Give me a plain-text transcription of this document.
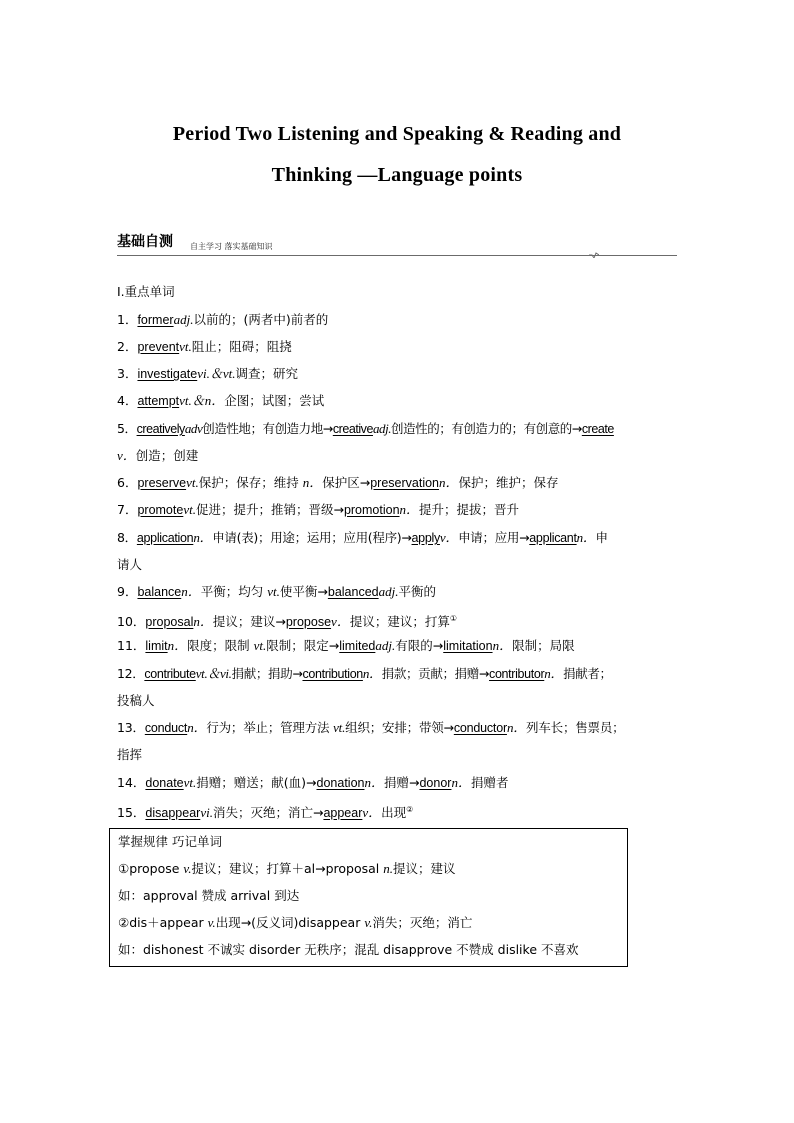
Period Two Listening and Speaking & Reading and
Thinking —Language points
基础自测 自主学习 落实基础知识
Ⅰ.重点单词
1．formeradj.以前的；(两者中)前者的
2．preventvt.阻止；阻碍；阻挠
3．investigatevi.＆vt.调查；研究
4．attemptvt.＆n．企图；试图；尝试
5．creativelyadv创造性地；有创造力地→creativeadj.创造性的；有创造力的；有创意的→create
v．创造；创建
6．preservevt.保护；保存；维持 n．保护区→preservationn．保护；维护；保存
7．promotevt.促进；提升；推销；晋级→promotionn．提升；提拔；晋升
8．applicationn．申请(表)；用途；运用；应用(程序)→applyv．申请；应用→applicantn．申
请人
9．balancen．平衡；均匀 vt.使平衡→balancedadj.平衡的
10．proposaln．提议；建议→proposev．提议；建议；打算①
11．limitn．限度；限制 vt.限制；限定→limitedadj.有限的→limitationn．限制；局限
12．contributevt.＆vi.捐献；捐助→contributionn．捐款；贡献；捐赠→contributorn．捐献者；
投稿人
13．conductn．行为；举止；管理方法 vt.组织；安排；带领→conductorn．列车长；售票员；
指挥
14．donatevt.捐赠；赠送；献(血)→donationn．捐赠→donorn．捐赠者
15．disappearvi.消失；灭绝；消亡→appearv．出现②
掌握规律 巧记单词
①propose v.提议；建议；打算＋al→proposal n.提议；建议
如：approval 赞成 arrival 到达
②dis＋appear v.出现→(反义词)disappear v.消失；灭绝；消亡
如：dishonest 不诚实 disorder 无秩序；混乱 disapprove 不赞成 dislike 不喜欢
